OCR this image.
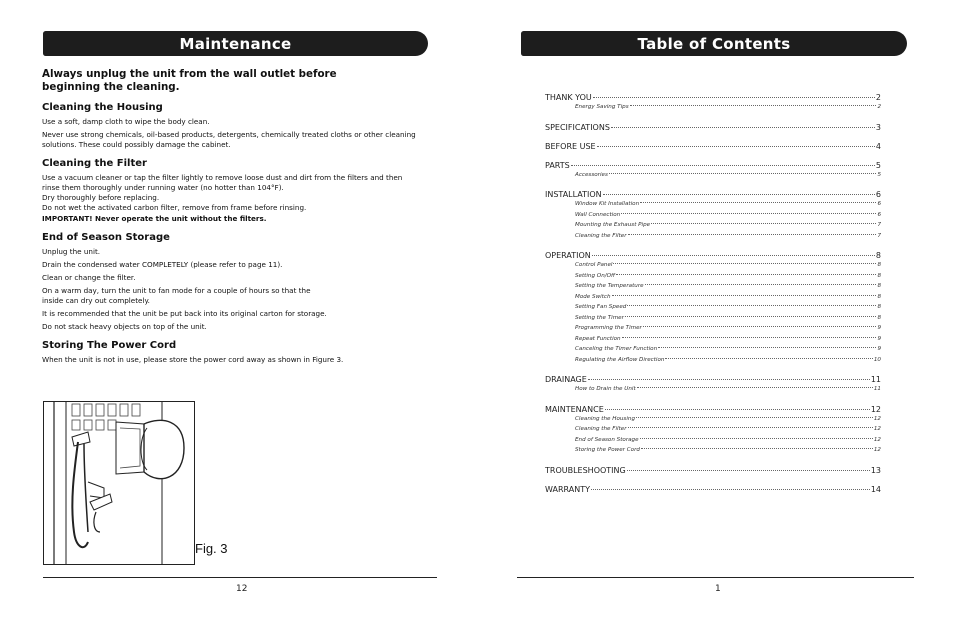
Maintenance

Always unplug the unit from the wall outlet before beginning the cleaning.

Cleaning the Housing

Use a soft, damp cloth to wipe the body clean.

Never use strong chemicals, oil-based products, detergents, chemically treated cloths or other cleaning solutions. These could possibly damage the cabinet.

Cleaning the Filter

Use a vacuum cleaner or tap the filter lightly to remove loose dust and dirt from the filters and then rinse them thoroughly under running water (no hotter than 104°F).

Dry thoroughly before replacing.

Do not wet the activated carbon filter, remove from frame before rinsing.

IMPORTANT! Never operate the unit without the filters.

End of Season Storage

Unplug the unit.

Drain the condensed water COMPLETELY (please refer to page 11).

Clean or change the filter.

On a warm day, turn the unit to fan mode for a couple of hours so that the inside can dry out completely.

It is recommended that the unit be put back into its original carton for storage.

Do not stack heavy objects on top of the unit.

Storing The Power Cord

When the unit is not in use, please store the power cord away as shown in Figure 3.

Fig. 3
12
Table of Contents
THANK YOU	2
Energy Saving Tips	2
SPECIFICATIONS	3
BEFORE USE	4
PARTS	5
Accessories	5
INSTALLATION	6
Window Kit Installation	6
Wall Connection	6
Mounting the Exhaust Pipe	7
Cleaning the Filter	7
OPERATION	8
Control Panel	8
Setting On/Off	8
Setting the Temperature	8
Mode Switch	8
Setting Fan Speed	8
Setting the Timer	8
Programming the Timer	9
Repeat Function	9
Canceling the Timer Function	9
Regulating the Airflow Direction	10
DRAINAGE	11
How to Drain the Unit	11
MAINTENANCE	12
Cleaning the Housing	12
Cleaning the Filter	12
End of Season Storage	12
Storing the Power Cord	12
TROUBLESHOOTING	13
WARRANTY	14
1
